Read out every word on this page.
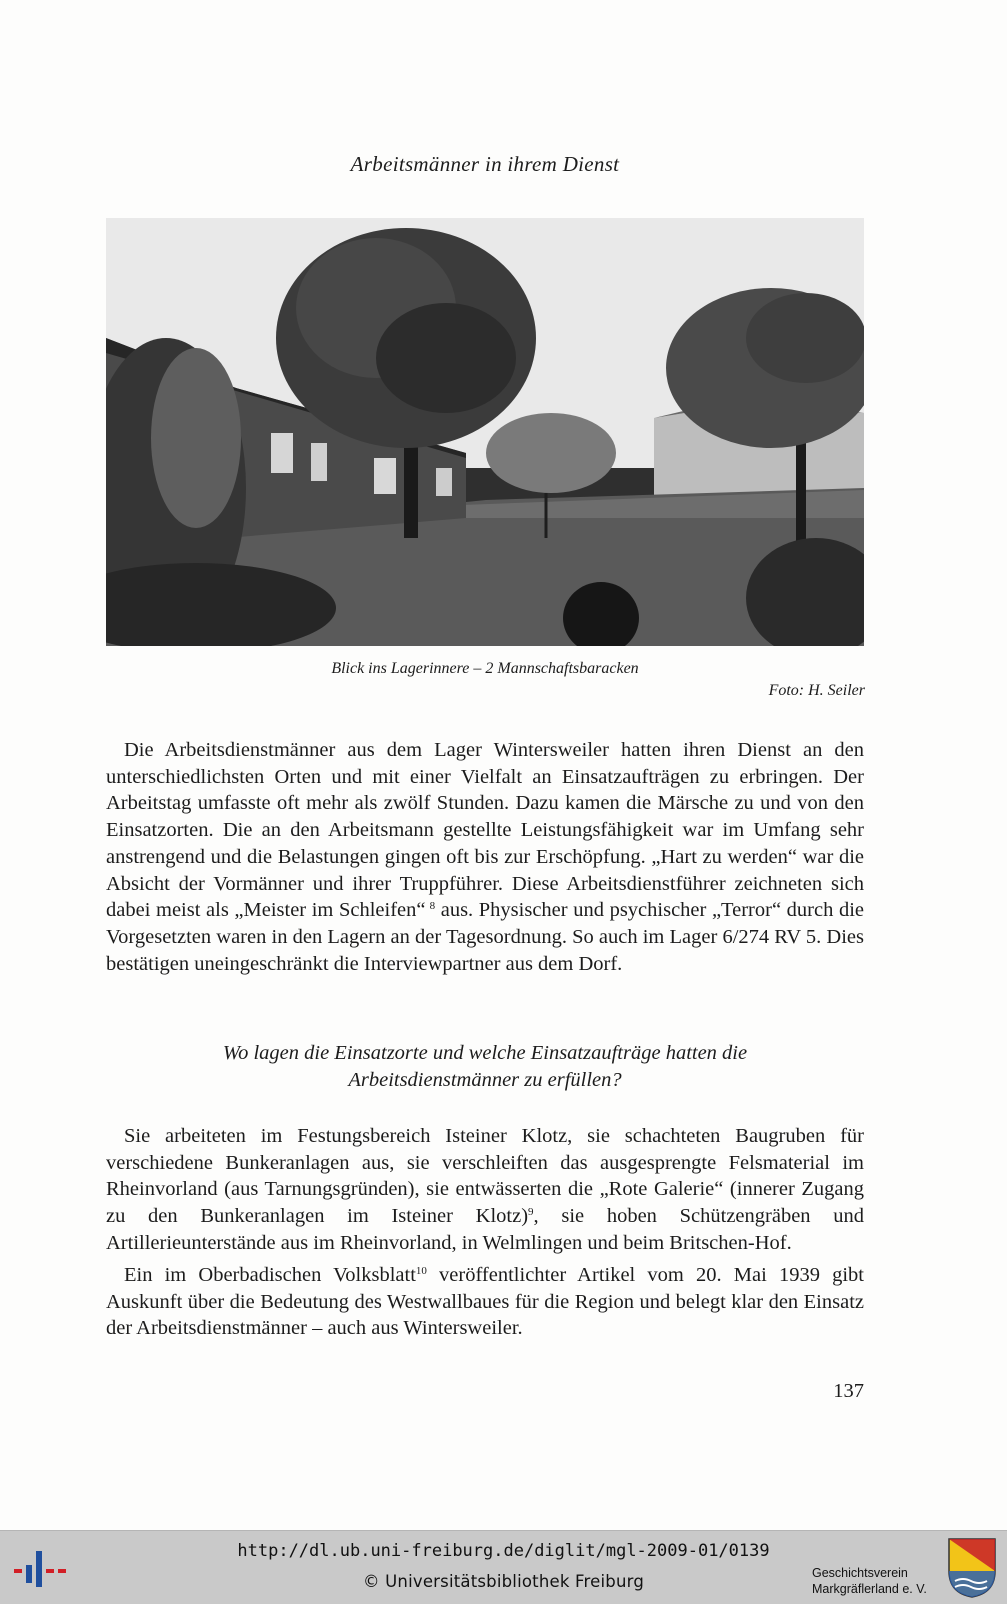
Arbeitsmänner in ihrem Dienst
Blick ins Lagerinnere – 2 Mannschaftsbaracken
Foto: H. Seiler

Die Arbeitsdienstmänner aus dem Lager Wintersweiler hatten ihren Dienst an den unterschiedlichsten Orten und mit einer Vielfalt an Einsatzaufträgen zu erbringen. Der Arbeitstag umfasste oft mehr als zwölf Stunden. Dazu kamen die Märsche zu und von den Einsatzorten. Die an den Arbeitsmann gestellte Leistungsfähigkeit war im Umfang sehr anstrengend und die Belastungen gingen oft bis zur Erschöpfung. „Hart zu werden“ war die Absicht der Vormänner und ihrer Truppführer. Diese Arbeitsdienstführer zeichneten sich dabei meist als „Meister im Schleifen“  $^8$ aus. Physischer und psychischer „Terror“ durch die Vorgesetzten waren in den Lagern an der Tagesordnung. So auch im Lager 6/274 RV 5. Dies bestätigen uneingeschränkt die Interviewpartner aus dem Dorf.

Wo lagen die Einsatzorte und welche Einsatzaufträge hatten die
Arbeitsdienstmänner zu erfüllen?

Sie arbeiteten im Festungsbereich Isteiner Klotz, sie schachteten Baugruben für verschiedene Bunkeranlagen aus, sie verschleiften das ausgesprengte Felsmaterial im Rheinvorland (aus Tarnungsgründen), sie entwässerten die „Rote Galerie“ (innerer Zugang zu den Bunkeranlagen im Isteiner Klotz)$^9$, sie hoben Schützengräben und Artillerieunterstände aus im Rheinvorland, in Welmlingen und beim Britschen-Hof.

Ein im Oberbadischen Volksblatt$^{10}$ veröffentlichter Artikel vom 20. Mai 1939 gibt Auskunft über die Bedeutung des Westwallbaues für die Region und belegt klar den Einsatz der Arbeitsdienstmänner – auch aus Wintersweiler.

137
http://dl.ub.uni-freiburg.de/diglit/mgl-2009-01/0139
© Universitätsbibliothek Freiburg	Geschichtsverein
Markgräflerland e. V.
